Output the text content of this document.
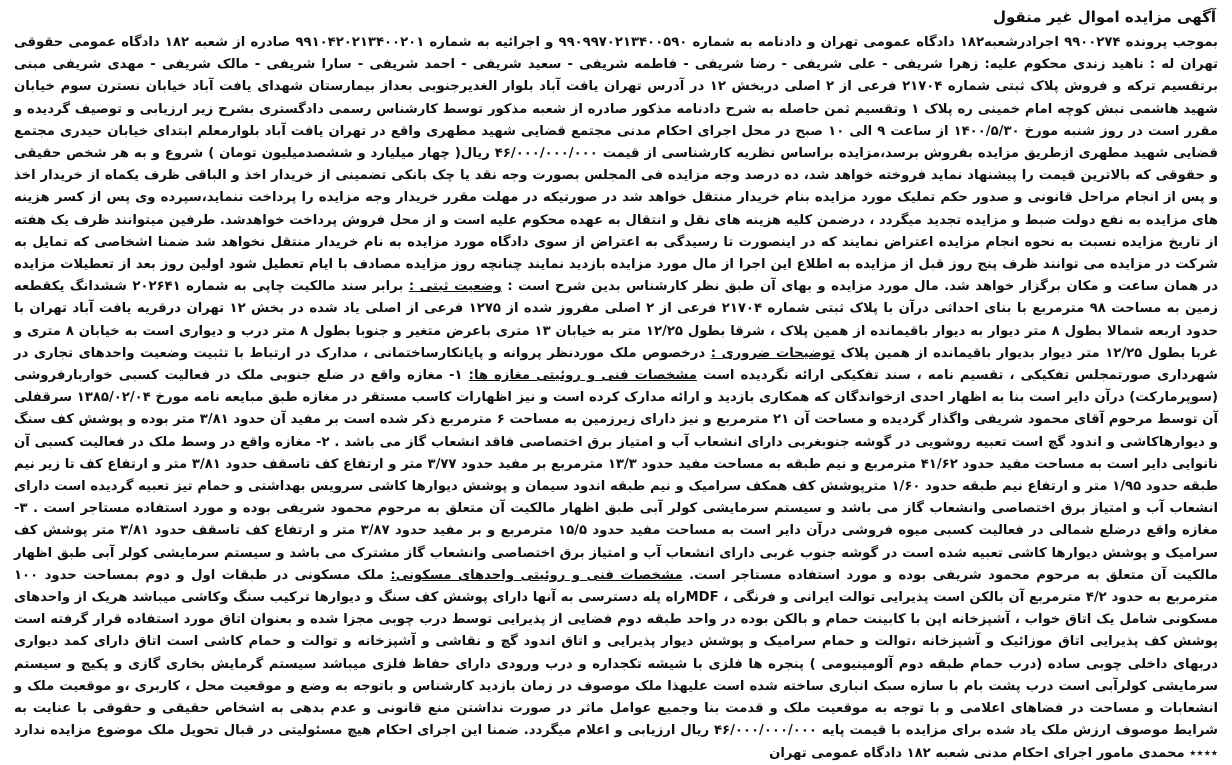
آگهی مزایده اموال غیر منقول

بموجب پرونده ۹۹۰۰۲۷۴ اجرادرشعبه۱۸۲ دادگاه عمومی تهران و دادنامه به شماره ۹۹۰۹۹۷۰۲۱۳۴۰۰۵۹۰ و اجرائیه به شماره ۹۹۱۰۴۲۰۲۱۳۴۰۰۲۰۱ صادره از شعبه ۱۸۲ دادگاه عمومی حقوقی تهران له : ناهید زندی محکوم علیه: زهرا شریفی - علی شریفی - رضا شریفی - فاطمه شریفی - سعید شریفی - احمد شریفی - سارا شریفی - مالک شریفی - مهدی شریفی مبنی برتقسیم ترکه و فروش پلاک ثبتی شماره ۲۱۷۰۴ فرعی از ۲ اصلی دربخش ۱۲ در آدرس تهران یافت آباد بلوار الغدیرجنوبی بعداز بیمارستان شهدای یافت آباد خیابان نسترن سوم خیابان شهید هاشمی نبش کوچه امام خمینی ره پلاک ۱ وتقسیم ثمن حاصله به شرح دادنامه مذکور صادره از شعبه مذکور توسط کارشناس رسمی دادگستری بشرح زیر ارزیابی و توصیف گردیده و مقرر است در روز شنبه مورخ ۱۴۰۰/۵/۳۰ از ساعت ۹ الی ۱۰ صبح در محل اجرای احکام مدنی مجتمع قضایی شهید مطهری واقع در تهران یافت آباد بلوارمعلم ابتدای خیابان حیدری مجتمع قضایی شهید مطهری ازطریق مزایده بفروش برسد،مزایده براساس نظریه کارشناسی از قیمت ۴۶/۰۰۰/۰۰۰/۰۰۰ ریال( چهار میلیارد و ششصدمیلیون تومان ) شروع و به هر شخص حقیقی و حقوقی که بالاترین قیمت را پیشنهاد نماید فروخته خواهد شد، ده درصد وجه مزایده فی المجلس بصورت وجه نقد یا چک بانکی تضمینی از خریدار اخذ و الباقی ظرف یکماه از خریدار اخذ و پس از انجام مراحل قانونی و صدور حکم تملیک مورد مزایده بنام خریدار منتقل خواهد شد در صورتیکه در مهلت مقرر خریدار وجه مزایده را پرداخت ننماید،سپرده وی پس از کسر هزینه های مزایده به نفع دولت ضبط و مزایده تجدید میگردد ، درضمن کلیه هزینه های نقل و انتقال به عهده محکوم علیه است و از محل فروش پرداخت خواهدشد. طرفین میتوانند ظرف یک هفته از تاریخ مزایده نسبت به نحوه انجام مزایده اعتراض نمایند که در اینصورت تا رسیدگی به اعتراض از سوی دادگاه مورد مزایده به نام خریدار منتقل نخواهد شد ضمنا اشخاصی که تمایل به شرکت در مزایده می توانند ظرف پنج روز قبل از مزایده به اطلاع این اجرا از مال مورد مزایده بازدید نمایند چنانچه روز مزایده مصادف با ایام تعطیل شود اولین روز بعد از تعطیلات مزایده در همان ساعت و مکان برگزار خواهد شد. مال مورد مزایده و بهای آن طبق نظر کارشناس بدین شرح است : وضعیت ثبتی : برابر سند مالکیت چاپی به شماره ۲۰۲۶۴۱ ششدانگ یکقطعه زمین به مساحت ۹۸ مترمربع با بنای احداثی درآن با پلاک ثبتی شماره ۲۱۷۰۴ فرعی از ۲ اصلی مفروز شده از ۱۲۷۵ فرعی از اصلی یاد شده در بخش ۱۲ تهران درقریه یافت آباد تهران با حدود اربعه شمالا بطول ۸ متر دیوار به دیوار باقیمانده از همین پلاک ، شرقا بطول ۱۲/۲۵ متر به خیابان ۱۳ متری باعرض متغیر و جنوبا بطول ۸ متر درب و دیواری است به خیابان ۸ متری و غربا بطول ۱۲/۲۵ متر دیوار بدیوار باقیمانده از همین پلاک توضیحات ضروری : درخصوص ملک موردنظر پروانه و پایانکارساختمانی ، مدارک در ارتباط با تثبیت وضعیت واحدهای تجاری در شهرداری صورتمجلس تفکیکی ، تقسیم نامه ، سند تفکیکی ارائه نگردیده است مشخصات فنی و روئیتی مغازه ها: ۱- مغازه واقع در ضلع جنوبی ملک در فعالیت کسبی خواربارفروشی (سوپرمارکت) درآن دایر است بنا به اظهار احدی ازخواندگان که همکاری بازدید و ارائه مدارک کرده است و نیز اظهارات کاسب مستقر در مغازه طبق مبایعه نامه مورخ ۱۳۸۵/۰۲/۰۴ سرقفلی آن توسط مرحوم آقای محمود شریفی واگذار گردیده و مساحت آن ۲۱ مترمربع و نیز دارای زیرزمین به مساحت ۶ مترمربع ذکر شده است بر مفید آن حدود ۳/۸۱ متر بوده و پوشش کف سنگ و دیوارهاکاشی و اندود گچ است تعبیه روشویی در گوشه جنوبغربی دارای انشعاب آب و امتیاز برق اختصاصی فاقد انشعاب گاز می باشد . ۲- مغازه واقع در وسط ملک در فعالیت کسبی آن نانوایی دایر است به مساحت مفید حدود ۴۱/۶۲ مترمربع و نیم طبقه به مساحت مفید حدود ۱۳/۳ مترمربع بر مفید حدود ۳/۷۷ متر و ارتفاع کف تاسقف حدود ۳/۸۱ متر و ارتفاع کف تا زیر نیم طبقه حدود ۱/۹۵ متر و ارتفاع نیم طبقه حدود ۱/۶۰ مترپوشش کف همکف سرامیک و نیم طبقه اندود سیمان و پوشش دیوارها کاشی سرویس بهداشتی و حمام تیز تعبیه گردیده است دارای انشعاب آب و امتیاز برق اختصاصی وانشعاب گاز می باشد و سیستم سرمایشی کولر آبی طبق اظهار مالکیت آن متعلق به مرحوم محمود شریفی بوده و مورد استفاده مستاجر است . ۳- مغازه واقع درضلع شمالی در فعالیت کسبی میوه فروشی درآن دایر است به مساحت مفید حدود ۱۵/۵ مترمربع و بر مفید حدود ۳/۸۷ متر و ارتفاع کف تاسقف حدود ۳/۸۱ متر پوشش کف سرامیک و پوشش دیوارها کاشی تعبیه شده است در گوشه جنوب غربی دارای انشعاب آب و امتیاز برق اختصاصی وانشعاب گاز مشترک می باشد و سیستم سرمایشی کولر آبی طبق اظهار مالکیت آن متعلق به مرحوم محمود شریفی بوده و مورد استفاده مستاجر است. مشخصات فنی و روئیتی واحدهای مسکونی: ملک مسکونی در طبقات اول و دوم بمساحت حدود ۱۰۰ مترمربع به حدود ۴/۲ مترمربع آن بالکن است پذیرایی توالت ایرانی و فرنگی ، MDFراه پله دسترسی به آنها دارای پوشش کف سنگ و دیوارها ترکیب سنگ وکاشی میباشد هریک از واحدهای مسکونی شامل یک اتاق خواب ، آشپزخانه اپن با کابینت حمام و بالکن بوده در واحد طبقه دوم فضایی از پذیرایی توسط درب چوبی مجزا شده و بعنوان اتاق مورد استفاده قرار گرفته است پوشش کف پذیرایی اتاق موزائیک و آشپزخانه ،توالت و حمام سرامیک و پوشش دیوار پذیرایی و اتاق اندود گچ و نقاشی و آشپزخانه و توالت و حمام کاشی است اتاق دارای کمد دیواری دربهای داخلی چوبی ساده (درب حمام طبقه دوم آلومینیومی ) پنجره ها فلزی با شیشه تکجداره و درب ورودی دارای حفاظ فلزی میباشد سیستم گرمایش بخاری گازی و پکیج و سیستم سرمایشی کولرآبی است درب پشت بام با سازه سبک انباری ساخته شده است علیهذا ملک موصوف در زمان بازدید کارشناس و باتوجه به وضع و موقعیت محل ، کاربری ،و موقعیت ملک و انشعابات و مساحت در فضاهای اعلامی و با توجه به موقعیت ملک و قدمت بنا وجمیع عوامل ماثر در صورت نداشتن منع قانونی و عدم بدهی به اشخاص حقیقی و حقوقی با عنایت به شرایط موصوف ارزش ملک یاد شده برای مزایده با قیمت پایه ۴۶/۰۰۰/۰۰۰/۰۰۰ ریال ارزیابی و اعلام میگردد. ضمنا این اجرای احکام هیچ مسئولیتی در قبال تحویل ملک موضوع مزایده ندارد ٭٭٭٭ محمدی مامور اجرای احکام مدنی شعبه ۱۸۲ دادگاه عمومی تهران
